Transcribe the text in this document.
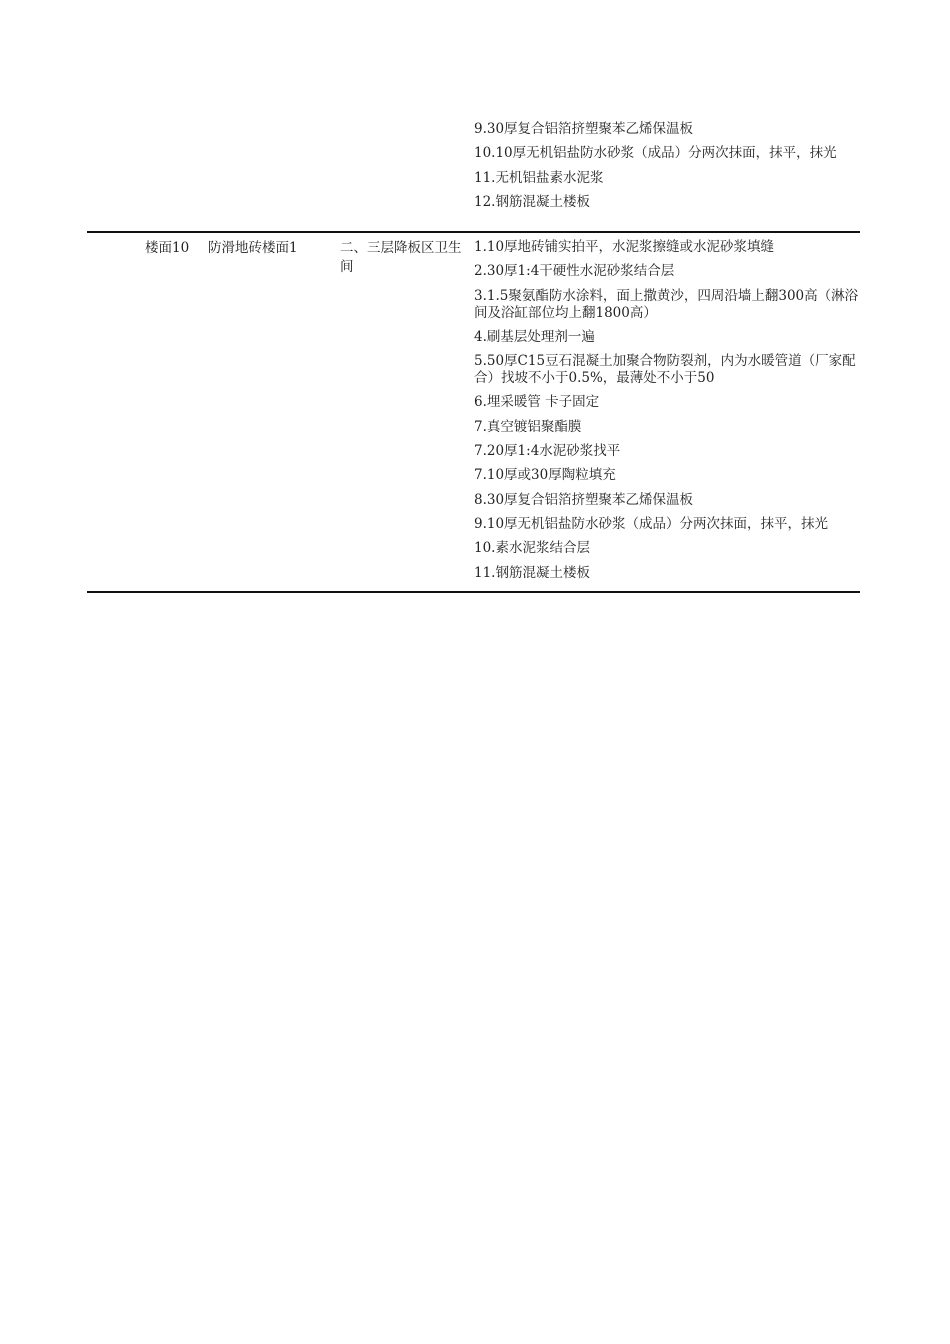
9.30厚复合铝箔挤塑聚苯乙烯保温板

10.10厚无机铝盐防水砂浆（成品）分两次抹面，抹平，抹光

11.无机铝盐素水泥浆

12.钢筋混凝土楼板

楼面10 防滑地砖楼面1	二、三层降板区卫生间

1.10厚地砖铺实拍平，水泥浆擦缝或水泥砂浆填缝

2.30厚1:4干硬性水泥砂浆结合层

3.1.5聚氨酯防水涂料，面上撒黄沙，四周沿墙上翻300高（淋浴间及浴缸部位均上翻1800高）

4.刷基层处理剂一遍

5.50厚C15豆石混凝土加聚合物防裂剂，内为水暖管道（厂家配合）找坡不小于0.5%，最薄处不小于50

6.埋采暖管 卡子固定

7.真空镀铝聚酯膜

7.20厚1:4水泥砂浆找平

7.10厚或30厚陶粒填充

8.30厚复合铝箔挤塑聚苯乙烯保温板

9.10厚无机铝盐防水砂浆（成品）分两次抹面，抹平，抹光

10.素水泥浆结合层

11.钢筋混凝土楼板
